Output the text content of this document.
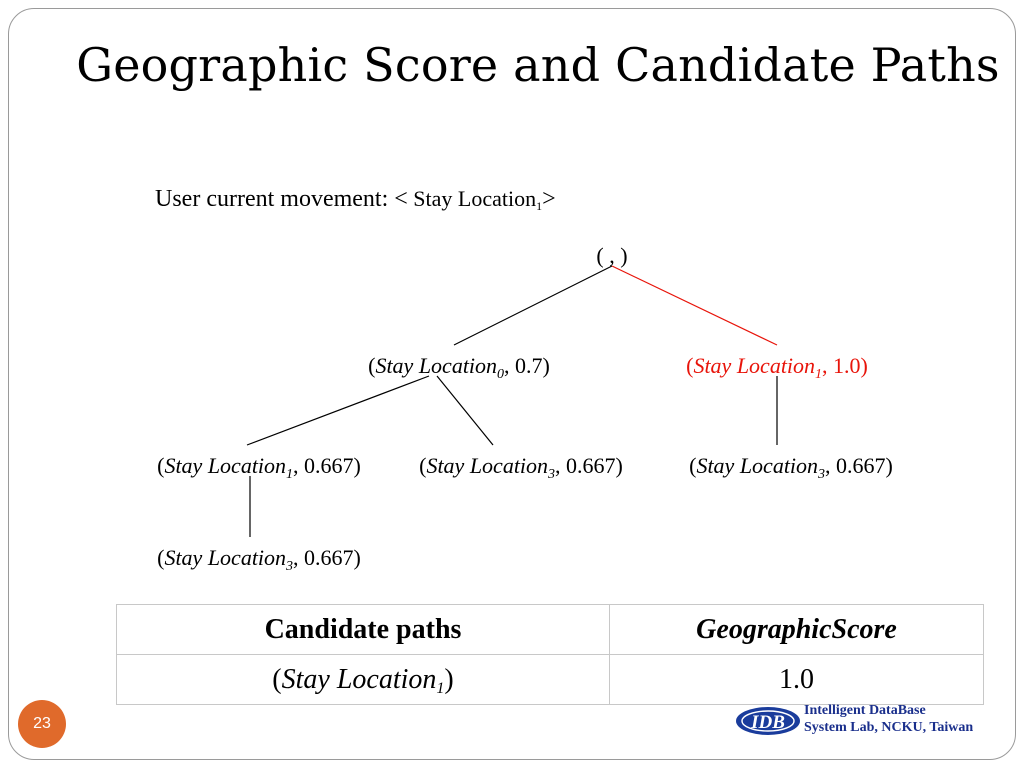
Geographic Score and Candidate Paths
User current movement: < Stay Location$_1$>
( , )
(Stay Location$_0$, 0.7)	(Stay Location$_1$, 1.0)
(Stay Location$_1$, 0.667)	(Stay Location$_3$, 0.667)	(Stay Location$_3$, 0.667)
(Stay Location$_3$, 0.667)
Candidate paths	GeographicScore
(Stay Location$_1$)	1.0
23	IDB
Intelligent DataBase
System Lab, NCKU, Taiwan
